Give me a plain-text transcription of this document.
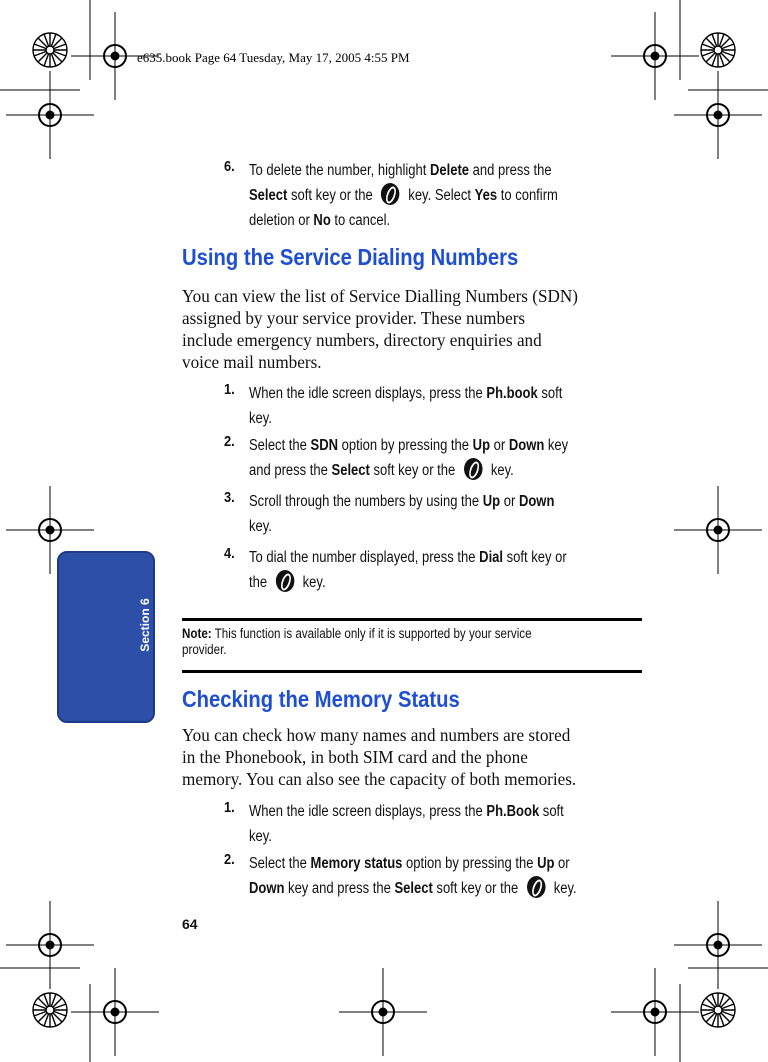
e635.book Page 64 Tuesday, May 17, 2005 4:55 PM
Section 6
6. To delete the number, highlight Delete and press the
Select soft key or the key. Select Yes to confirm
deletion or No to cancel.
Using the Service Dialing Numbers
You can view the list of Service Dialling Numbers (SDN)
assigned by your service provider. These numbers
include emergency numbers, directory enquiries and
voice mail numbers.
1. When the idle screen displays, press the Ph.book soft
key.
2. Select the SDN option by pressing the Up or Down key
and press the Select soft key or the key.
3. Scroll through the numbers by using the Up or Down
key.
4. To dial the number displayed, press the Dial soft key or
the key.
Note: This function is available only if it is supported by your service
provider.
Checking the Memory Status
You can check how many names and numbers are stored
in the Phonebook, in both SIM card and the phone
memory. You can also see the capacity of both memories.
1. When the idle screen displays, press the Ph.Book soft
key.
2. Select the Memory status option by pressing the Up or
Down key and press the Select soft key or the key.
64
